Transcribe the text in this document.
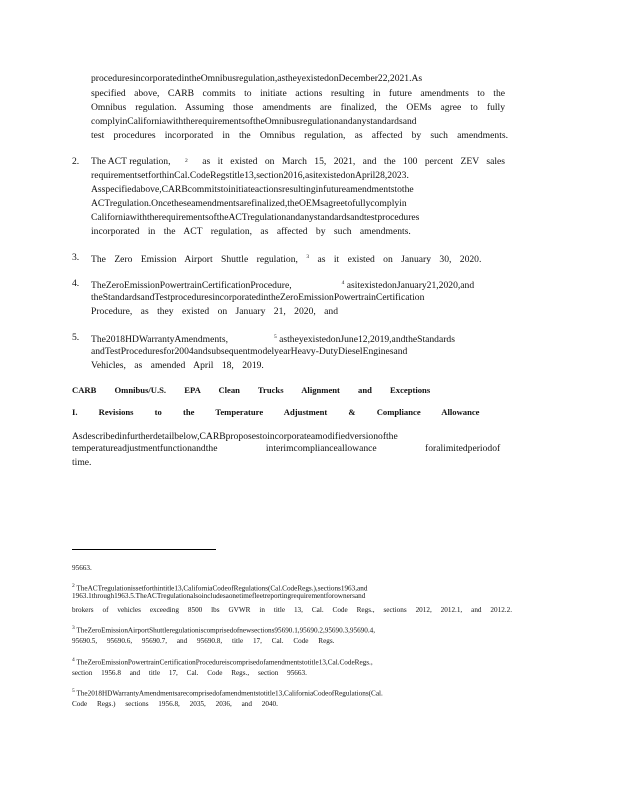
proceduresincorporatedintheOmnibusregulation,astheyexistedonDecember22,2021.As
specified above, CARB commits to initiate actions resulting in future amendments to the
Omnibus regulation. Assuming those amendments are finalized, the OEMs agree to fully
complyinCaliforniawiththerequirementsoftheOmnibusregulationandanystandardsand
test procedures incorporated in the Omnibus regulation, as affected by such amendments.
2. The ACT regulation,	2 as it existed on March 15, 2021, and the 100 percent ZEV sales
requirementsetforthinCal.CodeRegstitle13,section2016,asitexistedonApril28,2023.
Asspecifiedabove,CARBcommitstoinitiateactionsresultinginfutureamendmentstothe
ACTregulation.Oncetheseamendmentsarefinalized,theOEMsagreetofullycomplyin
CaliforniawiththerequirementsoftheACTregulationandanystandardsandtestprocedures
incorporated in the ACT regulation, as affected by such amendments.
3. The Zero Emission Airport Shuttle regulation, $^3$ as it existed on January 30, 2020.
4. TheZeroEmissionPowertrainCertificationProcedure,	$^4$ asitexistedonJanuary21,2020,and
theStandardsandTestproceduresincorporatedintheZeroEmissionPowertrainCertification
Procedure, as they existed on January 21, 2020, and
5. The2018HDWarrantyAmendments,	$^5$ astheyexistedonJune12,2019,andtheStandards
andTestProceduresfor2004andsubsequentmodelyearHeavy-DutyDieselEnginesand
Vehicles, as amended April 18, 2019.
CARB Omnibus/U.S. EPA Clean Trucks Alignment and Exceptions
I. Revisions to the Temperature Adjustment & Compliance Allowance
Asdescribedinfurtherdetailbelow,CARBproposestoincorporateamodifiedversionofthe
temperatureadjustmentfunctionandthe interimcomplianceallowance foralimitedperiodof
time.
95663.
$^2$ TheACTregulationissetforthintitle13,CaliforniaCodeofRegulations(Cal.CodeRegs.),sections1963,and
1963.1through1963.5.TheACTregulationalsoincludesaonetimefleetreportingrequirementforownersand
brokers of vehicles exceeding 8500 lbs GVWR in title 13, Cal. Code Regs., sections 2012, 2012.1, and 2012.2.
$^3$ TheZeroEmissionAirportShuttleregulationiscomprisedofnewsections95690.1,95690.2,95690.3,95690.4,
95690.5, 95690.6, 95690.7, and 95690.8, title 17, Cal. Code Regs.
$^4$ TheZeroEmissionPowertrainCertificationProcedureiscomprisedofamendmentstotitle13,Cal.CodeRegs.,
section 1956.8 and title 17, Cal. Code Regs., section 95663.
$^5$ The2018HDWarrantyAmendmentsarecomprisedofamendmentstotitle13,CaliforniaCodeofRegulations(Cal.
Code Regs.) sections 1956.8, 2035, 2036, and 2040.
